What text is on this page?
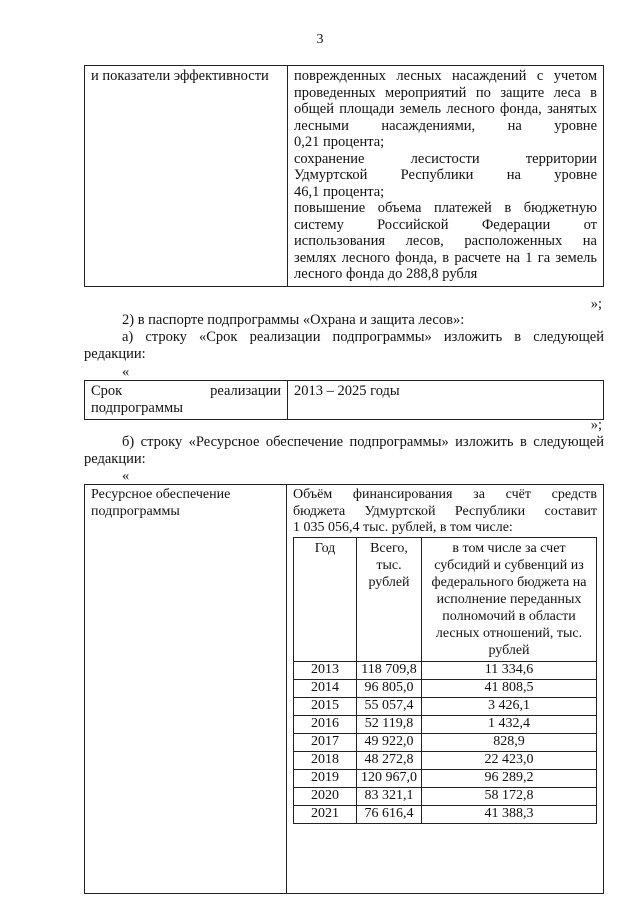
3
и показатели эффективности	поврежденных лесных насаждений с учетом
проведенных мероприятий по защите леса в
общей площади земель лесного фонда, занятых
лесными насаждениями, на уровне
0,21 процента;
сохранение лесистости территории
Удмуртской Республики на уровне
46,1 процента;
повышение объема платежей в бюджетную
систему Российской Федерации от
использования лесов, расположенных на
землях лесного фонда, в расчете на 1 га земель
лесного фонда до 288,8 рубля
»;
2) в паспорте подпрограммы «Охрана и защита лесов»:
а) строку «Срок реализации подпрограммы» изложить в следующей редакции:
«
Срок реализации
подпрограммы
	2013 – 2025 годы
»;
б) строку «Ресурсное обеспечение подпрограммы» изложить в следующей редакции:
«
Ресурсное обеспечение
подпрограммы

Объём финансирования за счёт средств
бюджета Удмуртской Республики составит
1 035 056,4 тыс. рублей, в том числе:
Год	Всего, тыс. рублей	в том числе за счет субсидий и субвенций из федерального бюджета на исполнение переданных полномочий в области лесных отношений, тыс. рублей
2013	118 709,8	11 334,6
2014	96 805,0	41 808,5
2015	55 057,4	3 426,1
2016	52 119,8	1 432,4
2017	49 922,0	828,9
2018	48 272,8	22 423,0
2019	120 967,0	96 289,2
2020	83 321,1	58 172,8
2021	76 616,4	41 388,3
